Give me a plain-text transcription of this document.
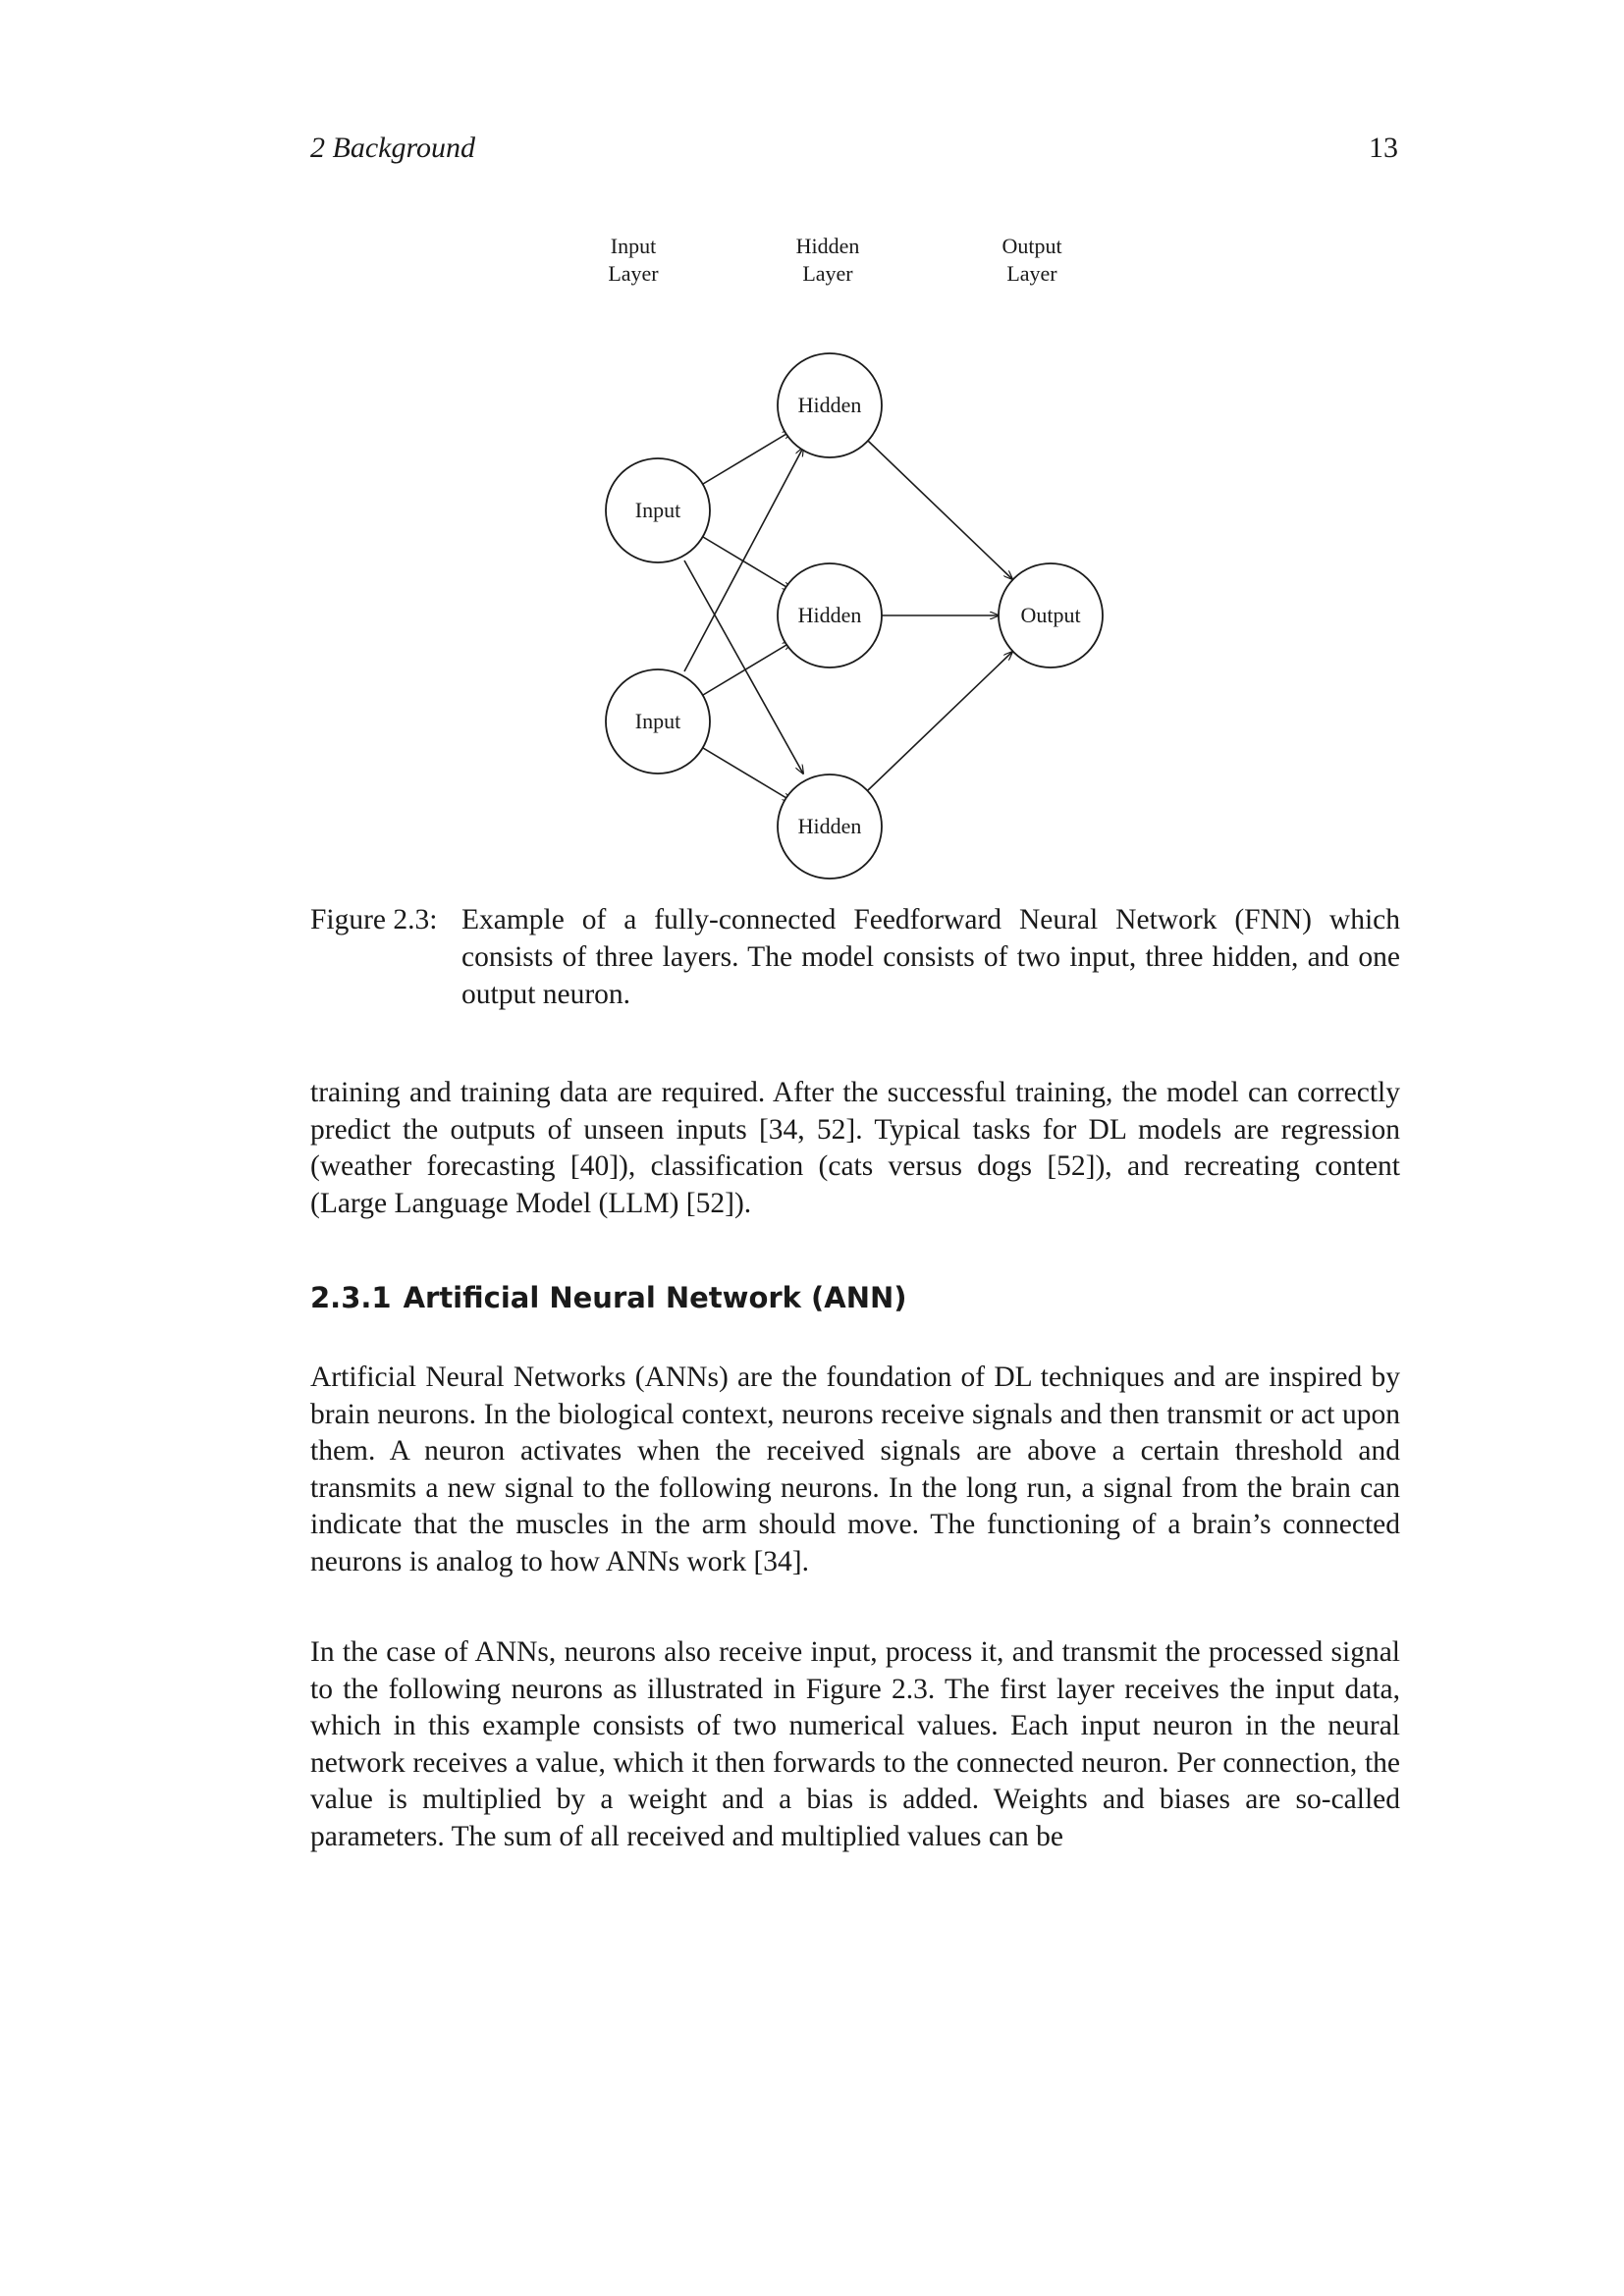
2 Background	13
Input
Layer
Hidden
Layer
Output
Layer
Input
Input
Hidden
Hidden
Hidden
Output
Figure 2.3: Example of a fully-connected Feedforward Neural Network (FNN) which consists of three layers. The model consists of two input, three hidden, and one output neuron.

training and training data are required. After the successful training, the model can correctly predict the outputs of unseen inputs [34, 52]. Typical tasks for DL models are regression (weather forecasting [40]), classification (cats versus dogs [52]), and recreating content (Large Language Model (LLM) [52]).

2.3.1 Artificial Neural Network (ANN)

Artificial Neural Networks (ANNs) are the foundation of DL techniques and are inspired by brain neurons. In the biological context, neurons receive signals and then transmit or act upon them. A neuron activates when the received signals are above a certain threshold and transmits a new signal to the following neurons. In the long run, a signal from the brain can indicate that the muscles in the arm should move. The functioning of a brain’s connected neurons is analog to how ANNs work [34].

In the case of ANNs, neurons also receive input, process it, and transmit the processed signal to the following neurons as illustrated in Figure 2.3. The first layer receives the input data, which in this example consists of two numerical values. Each input neuron in the neural network receives a value, which it then forwards to the connected neuron. Per connection, the value is multiplied by a weight and a bias is added. Weights and biases are so-called parameters. The sum of all received and multiplied values can be
